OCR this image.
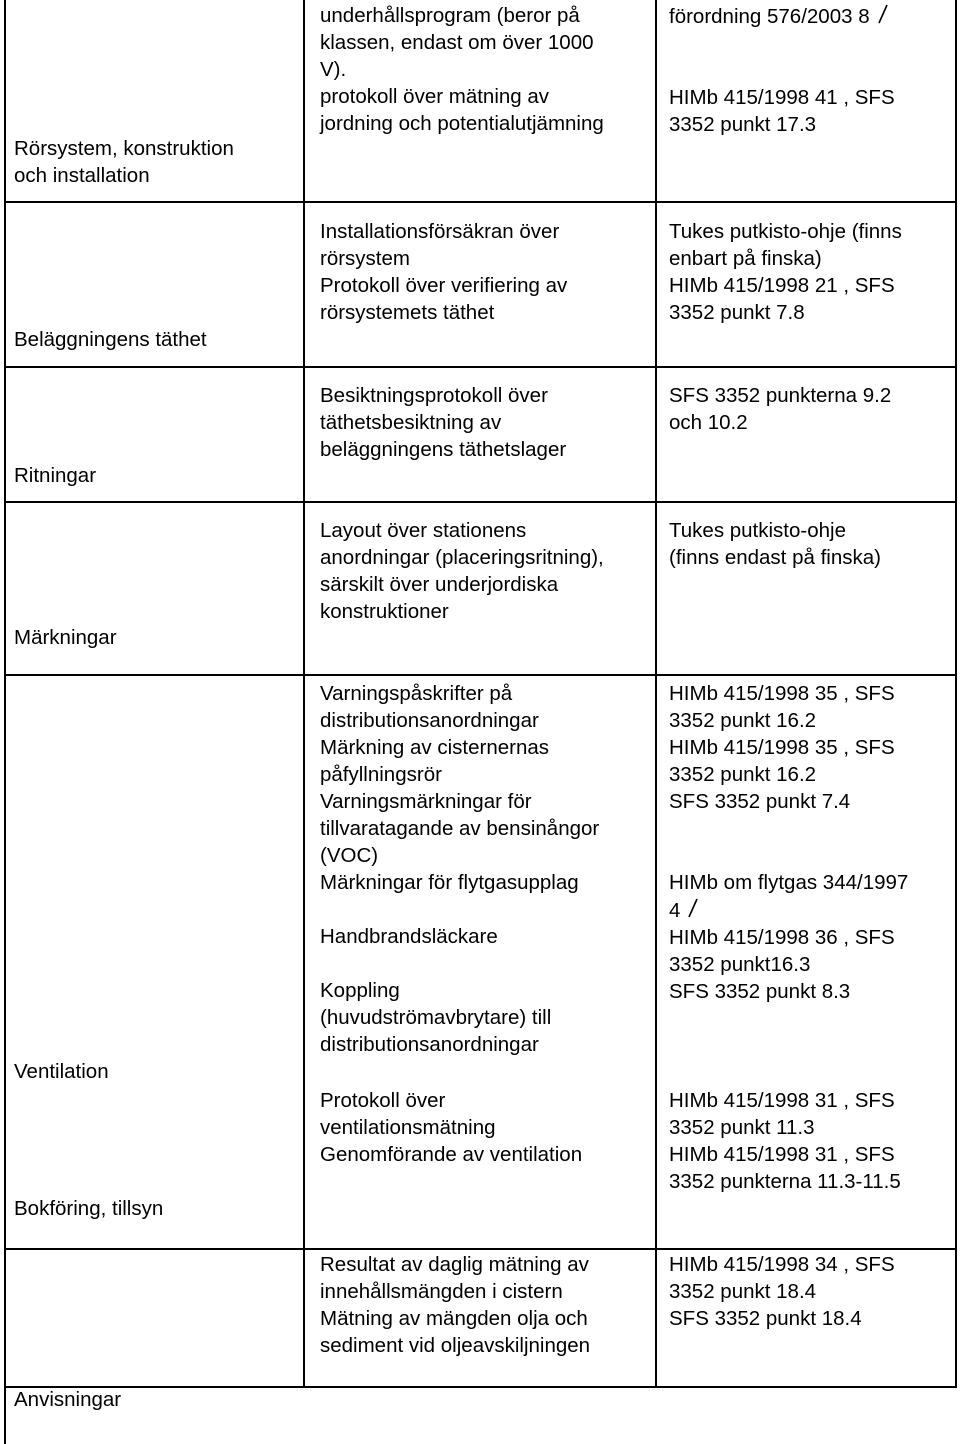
Rörsystem, konstruktion
och installation
Beläggningens täthet
Ritningar
Märkningar
Ventilation
Bokföring, tillsyn
Anvisningar
underhållsprogram (beror på
klassen, endast om över 1000
V).
protokoll över mätning av
jordning och potentialutjämning
Installationsförsäkran över
rörsystem
Protokoll över verifiering av
rörsystemets täthet
Besiktningsprotokoll över
täthetsbesiktning av
beläggningens täthetslager
Layout över stationens
anordningar (placeringsritning),
särskilt över underjordiska
konstruktioner
Varningspåskrifter på
distributionsanordningar
Märkning av cisternernas
påfyllningsrör
Varningsmärkningar för
tillvaratagande av bensinångor
(VOC)
Märkningar för flytgasupplag
Handbrandsläckare
Koppling
(huvudströmavbrytare) till
distributionsanordningar
Protokoll över
ventilationsmätning
Genomförande av ventilation
Resultat av daglig mätning av
innehållsmängden i cistern
Mätning av mängden olja och
sediment vid oljeavskiljningen
förordning 576/2003 8
HIMb 415/1998 41 , SFS
3352 punkt 17.3
Tukes putkisto-ohje (finns
enbart på finska)
HIMb 415/1998 21 , SFS
3352 punkt 7.8
SFS 3352 punkterna 9.2
och 10.2
Tukes putkisto-ohje
(finns endast på finska)
HIMb 415/1998 35 , SFS
3352 punkt 16.2
HIMb 415/1998 35 , SFS
3352 punkt 16.2
SFS 3352 punkt 7.4
HIMb om flytgas 344/1997
4
HIMb 415/1998 36 , SFS
3352 punkt16.3
SFS 3352 punkt 8.3
HIMb 415/1998 31 , SFS
3352 punkt 11.3
HIMb 415/1998 31 , SFS
3352 punkterna 11.3-11.5
HIMb 415/1998 34 , SFS
3352 punkt 18.4
SFS 3352 punkt 18.4
